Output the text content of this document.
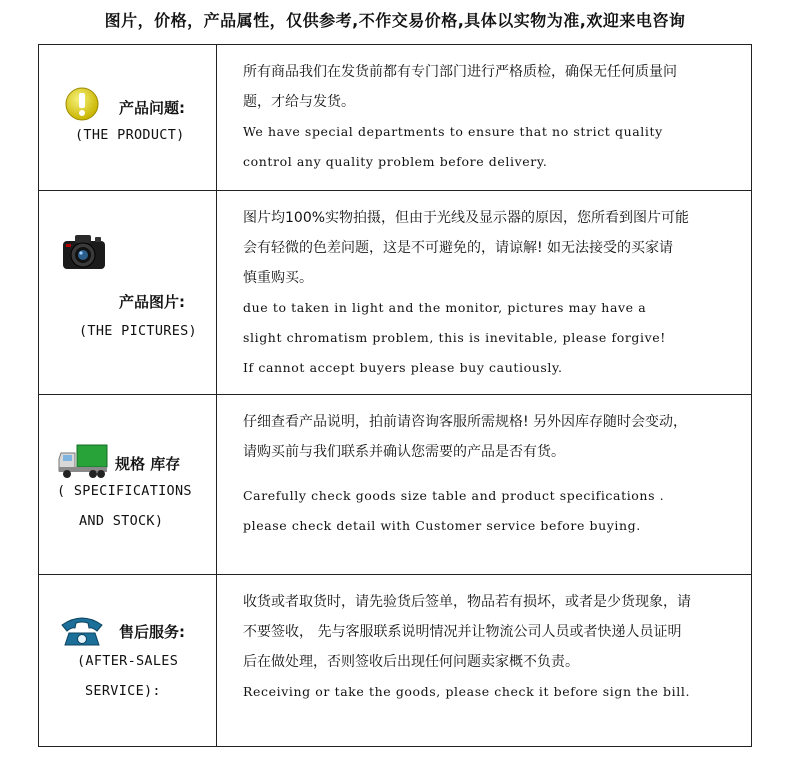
图片，价格，产品属性，仅供参考,不作交易价格,具体以实物为准,欢迎来电咨询
产品问题:
(THE PRODUCT)

所有商品我们在发货前都有专门部门进行严格质检，确保无任何质量问

题，才给与发货。

We have special departments to ensure that no strict quality

control any quality problem before delivery.

产品图片:
(THE PICTURES)

图片均100%实物拍摄，但由于光线及显示器的原因，您所看到图片可能

会有轻微的色差问题，这是不可避免的，请谅解! 如无法接受的买家请

慎重购买。

due to taken in light and the monitor, pictures may have a

slight chromatism problem, this is inevitable, please forgive!

If cannot accept buyers please buy cautiously.

规格 库存
( SPECIFICATIONS
AND STOCK)

仔细查看产品说明，拍前请咨询客服所需规格! 另外因库存随时会变动，

请购买前与我们联系并确认您需要的产品是否有货。

Carefully check goods size table and product specifications .

please check detail with Customer service before buying.

售后服务:
(AFTER-SALES
SERVICE):

收货或者取货时，请先验货后签单，物品若有损坏，或者是少货现象，请

不要签收， 先与客服联系说明情况并让物流公司人员或者快递人员证明

后在做处理，否则签收后出现任何问题卖家概不负责。

Receiving or take the goods, please check it before sign the bill.
